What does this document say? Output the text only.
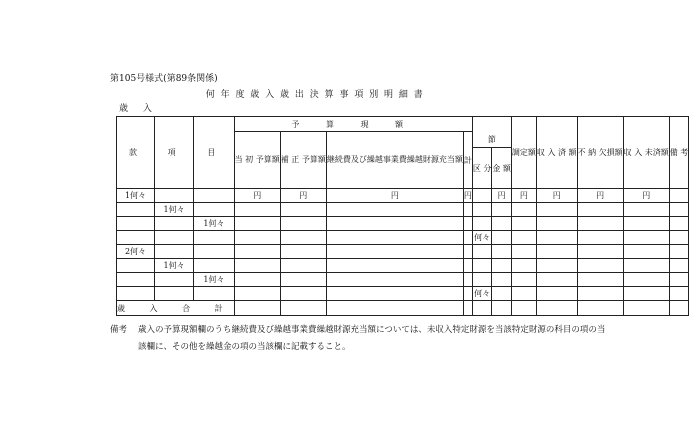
第105号様式(第89条関係)
何 年 度 歳 入 歳 出 決 算 事 項 別 明 細 書
歳 入
款	項	目	予 算 現 額						調定額	収 入 済 額	不 納 欠損額	収 入 未済額	備 考
			当 初 予算額	補 正 予算額	継続費及び繰越事業費繰越財源充当額	計	節						
							区 分	金 額					
1何々			円	円	円	円		円	円	円	円	円	
	1何々												
		1何々											
							何々						
2何々													
	1何々												
		1何々											
							何々						
歳 入 合 計													
備考 歳入の予算現額欄のうち継続費及び繰越事業費繰越財源充当額については、未収入特定財源を当該特定財源の科目の項の当該欄に、その他を繰越金の項の当該欄に記載すること。
